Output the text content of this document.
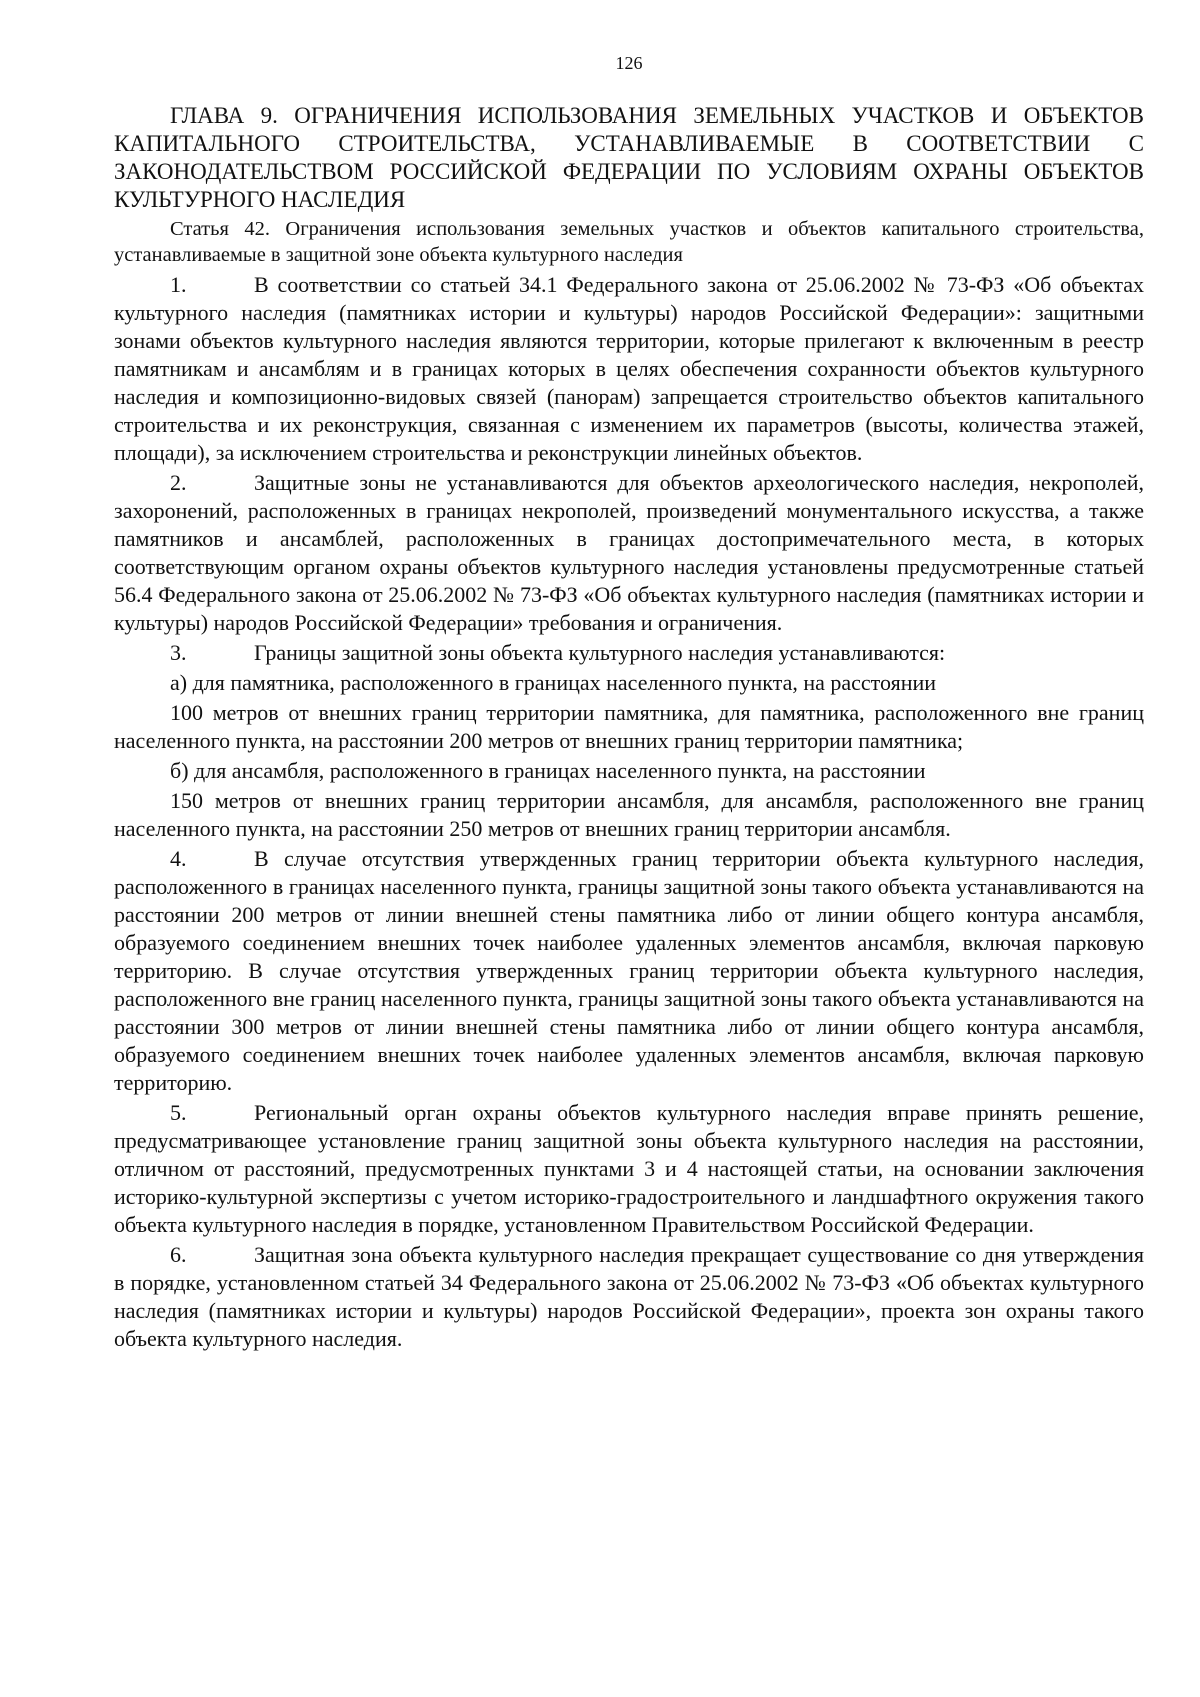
126

ГЛАВА 9. ОГРАНИЧЕНИЯ ИСПОЛЬЗОВАНИЯ ЗЕМЕЛЬНЫХ УЧАСТКОВ И ОБЪЕКТОВ КАПИТАЛЬНОГО СТРОИТЕЛЬСТВА, УСТАНАВЛИВАЕМЫЕ В СООТВЕТСТВИИ С ЗАКОНОДАТЕЛЬСТВОМ РОССИЙСКОЙ ФЕДЕРАЦИИ ПО УСЛОВИЯМ ОХРАНЫ ОБЪЕКТОВ КУЛЬТУРНОГО НАСЛЕДИЯ

Статья 42. Ограничения использования земельных участков и объектов капитального строительства, устанавливаемые в защитной зоне объекта культурного наследия

1.	В соответствии со статьей 34.1 Федерального закона от 25.06.2002 № 73-ФЗ «Об объектах культурного наследия (памятниках истории и культуры) народов Российской Федерации»: защитными зонами объектов культурного наследия являются территории, которые прилегают к включенным в реестр памятникам и ансамблям и в границах которых в целях обеспечения сохранности объектов культурного наследия и композиционно-видовых связей (панорам) запрещается строительство объектов капитального строительства и их реконструкция, связанная с изменением их параметров (высоты, количества этажей, площади), за исключением строительства и реконструкции линейных объектов.

2.	Защитные зоны не устанавливаются для объектов археологического наследия, некрополей, захоронений, расположенных в границах некрополей, произведений монументального искусства, а также памятников и ансамблей, расположенных в границах достопримечательного места, в которых соответствующим органом охраны объектов культурного наследия установлены предусмотренные статьей 56.4 Федерального закона от 25.06.2002 № 73-ФЗ «Об объектах культурного наследия (памятниках истории и культуры) народов Российской Федерации» требования и ограничения.

3.	Границы защитной зоны объекта культурного наследия устанавливаются:

а) для памятника, расположенного в границах населенного пункта, на расстоянии

100 метров от внешних границ территории памятника, для памятника, расположенного вне границ населенного пункта, на расстоянии 200 метров от внешних границ территории памятника;

б) для ансамбля, расположенного в границах населенного пункта, на расстоянии

150 метров от внешних границ территории ансамбля, для ансамбля, расположенного вне границ населенного пункта, на расстоянии 250 метров от внешних границ территории ансамбля.

4.	В случае отсутствия утвержденных границ территории объекта культурного наследия, расположенного в границах населенного пункта, границы защитной зоны такого объекта устанавливаются на расстоянии 200 метров от линии внешней стены памятника либо от линии общего контура ансамбля, образуемого соединением внешних точек наиболее удаленных элементов ансамбля, включая парковую территорию. В случае отсутствия утвержденных границ территории объекта культурного наследия, расположенного вне границ населенного пункта, границы защитной зоны такого объекта устанавливаются на расстоянии 300 метров от линии внешней стены памятника либо от линии общего контура ансамбля, образуемого соединением внешних точек наиболее удаленных элементов ансамбля, включая парковую территорию.

5.	Региональный орган охраны объектов культурного наследия вправе принять решение, предусматривающее установление границ защитной зоны объекта культурного наследия на расстоянии, отличном от расстояний, предусмотренных пунктами 3 и 4 настоящей статьи, на основании заключения историко-культурной экспертизы с учетом историко-градостроительного и ландшафтного окружения такого объекта культурного наследия в порядке, установленном Правительством Российской Федерации.

6.	Защитная зона объекта культурного наследия прекращает существование со дня утверждения в порядке, установленном статьей 34 Федерального закона от 25.06.2002 № 73-ФЗ «Об объектах культурного наследия (памятниках истории и культуры) народов Российской Федерации», проекта зон охраны такого объекта культурного наследия.
